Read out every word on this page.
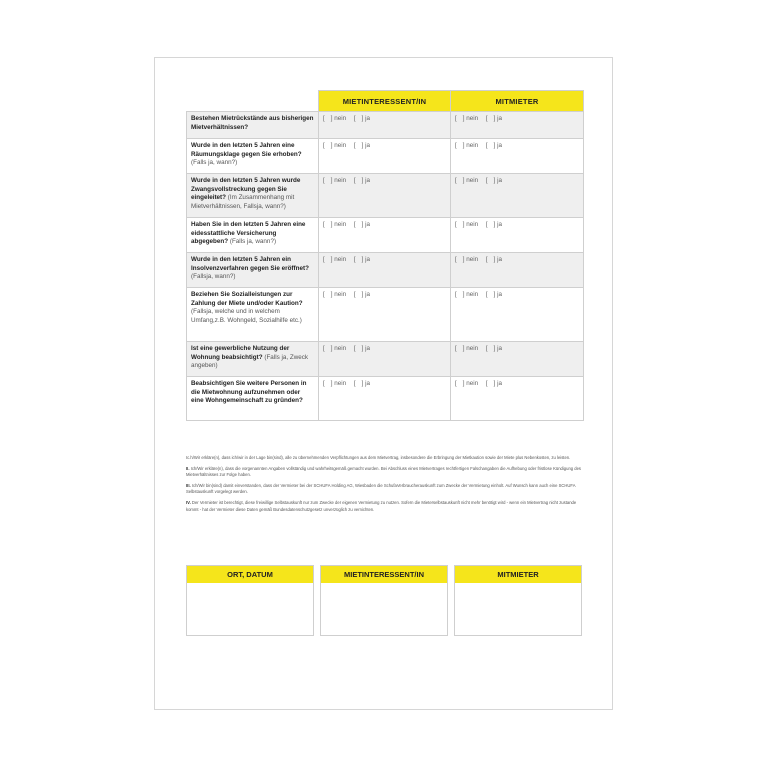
	MIETINTERESSENT/IN	MITMIETER
Bestehen Mietrückstände aus bisherigen Mietverhältnissen?	[ ] nein [ ] ja	[ ] nein [ ] ja
Wurde in den letzten 5 Jahren eine Räumungsklage gegen Sie erhoben? (Falls ja, wann?)	[ ] nein [ ] ja	[ ] nein [ ] ja
Wurde in den letzten 5 Jahren wurde Zwangsvollstreckung gegen Sie eingeleitet? (Im Zusammenhang mit Mietverhältnissen, Fallsja, wann?)	[ ] nein [ ] ja	[ ] nein [ ] ja
Haben Sie in den letzten 5 Jahren eine eidesstattliche Versicherung abgegeben? (Falls ja, wann?)	[ ] nein [ ] ja	[ ] nein [ ] ja
Wurde in den letzten 5 Jahren ein Insolvenzverfahren gegen Sie eröffnet? (Fallsja, wann?)	[ ] nein [ ] ja	[ ] nein [ ] ja
Beziehen Sie Sozialleistungen zur Zahlung der Miete und/oder Kaution? (Fallsja, welche und in welchem Umfang,z.B. Wohngeld, Sozialhilfe etc.)	[ ] nein [ ] ja	[ ] nein [ ] ja
Ist eine gewerbliche Nutzung der Wohnung beabsichtigt? (Falls ja, Zweck angeben)	[ ] nein [ ] ja	[ ] nein [ ] ja
Beabsichtigen Sie weitere Personen in die Mietwohnung aufzunehmen oder eine Wohngemeinschaft zu gründen?	[ ] nein [ ] ja	[ ] nein [ ] ja

Ic.h/Wir erkläre(n), dass ich/wir in der Lage bin(sind), alle zu übernehmenden Verpflichtungen aus dem Mietvertrag, insbesondere die Erbringung der Mietkaution sowie der Miete plus Nebenkosten, zu leisten.

II. Ich/Wir erkläre(n), dass die vorgenannten Angaben vollständig und wahrheitsgemäß gemacht wurden. Bei Abschluss eines Mietvertrages rechtfertigen Falschangaben die Aufhebung oder fristlose Kündigung des Mietverhältnisses zur Folge haben.

III. Ich/Wir bin(sind) damit einverstanden, dass der Vermieter bei der SCHUFA Holding AG, Wiesbaden die SchufaVerbraucherauskunft zum Zwecke der Vermietung einholt. Auf Wunsch kann auch eine SCHUFA Selbstauskunft vorgelegt werden.

IV. Der Vermieter ist berechtigt, diese freiwillige Selbstauskunft nur zum Zwecke der eigenen Vermietung zu nutzen. Sofern die Mieterselbstauskunft nicht mehr benötigt wird - wenn ein Mietvertrag nicht zustande kommt - hat der Vermieter diese Daten gemäß Bundesdatenschutzgesetz unverzüglich zu vernichten.

ORT, DATUM	MIETINTERESSENT/IN	MITMIETER
